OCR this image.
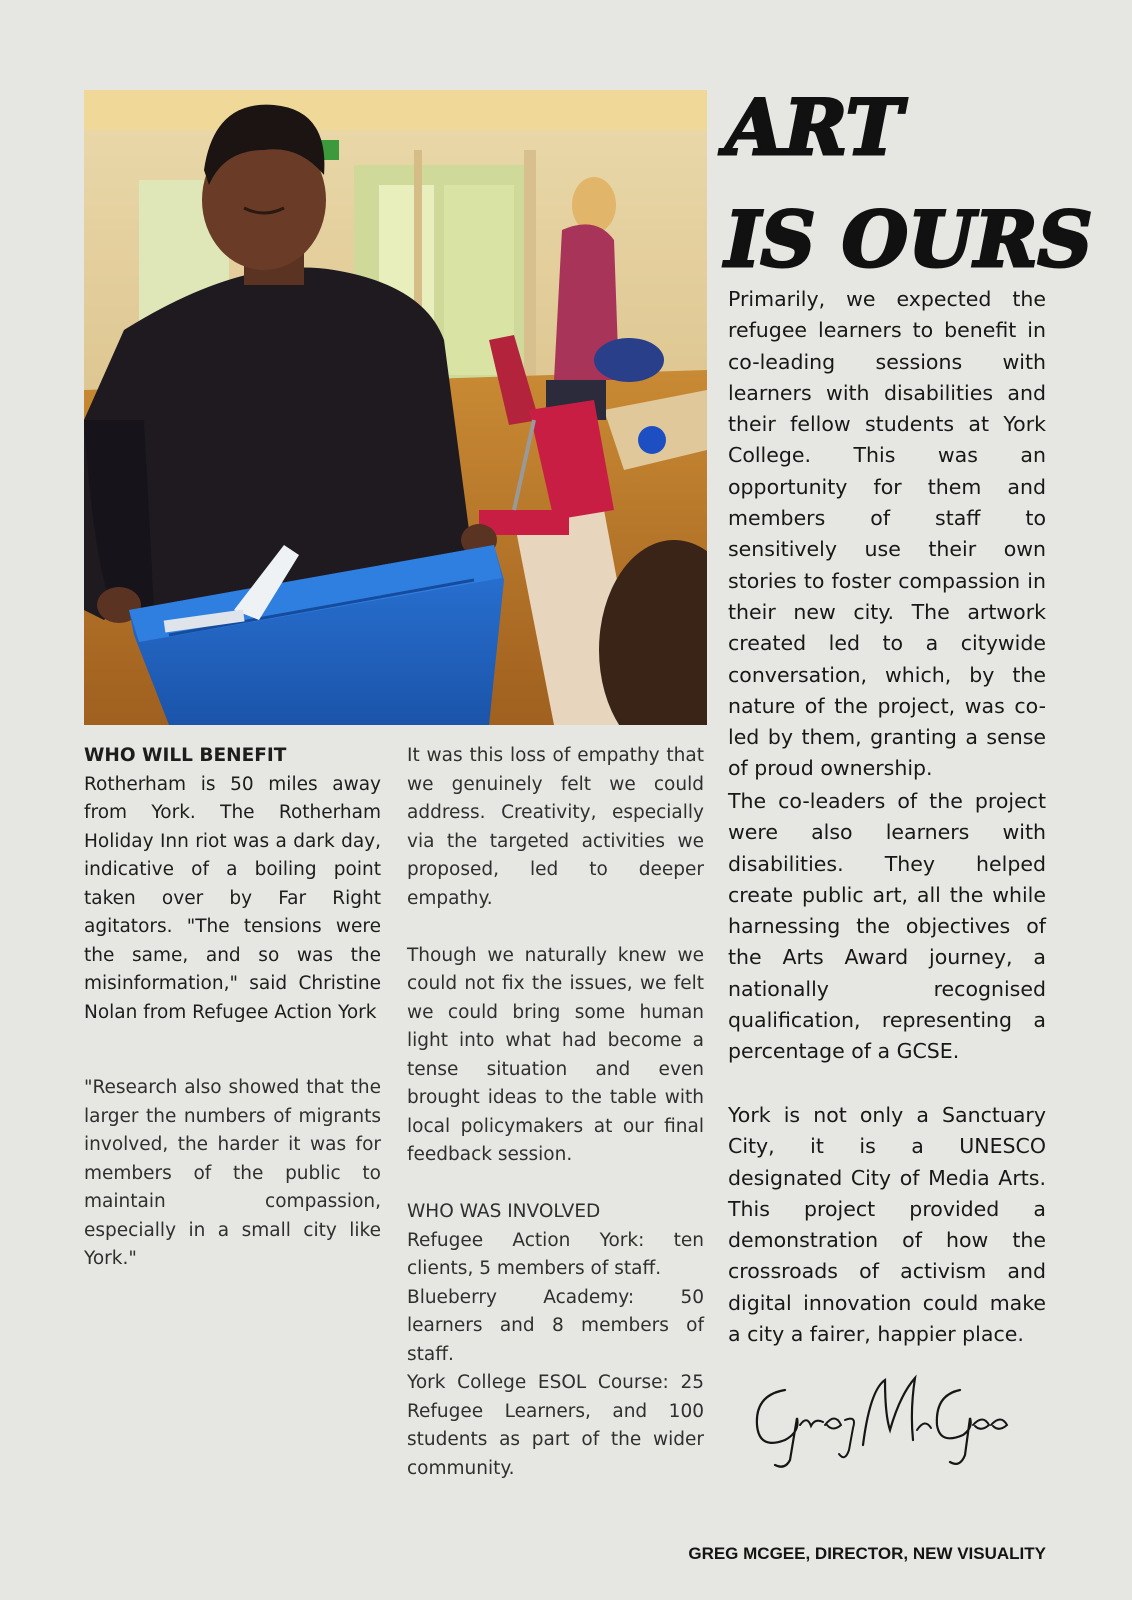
ART
IS OURS

Primarily, we expected the refugee learners to benefit in co-leading sessions with learners with disabilities and their fellow students at York College. This was an opportunity for them and members of staff to sensitively use their own stories to foster compassion in their new city. The artwork created led to a citywide conversation, which, by the nature of the project, was co-led by them, granting a sense of proud ownership.

The co-leaders of the project were also learners with disabilities. They helped create public art, all the while harnessing the objectives of the Arts Award journey, a nationally recognised qualification, representing a percentage of a GCSE.

York is not only a Sanctuary City, it is a UNESCO designated City of Media Arts. This project provided a demonstration of how the crossroads of activism and digital innovation could make a city a fairer, happier place.

WHO WILL BENEFIT

Rotherham is 50 miles away from York. The Rotherham Holiday Inn riot was a dark day, indicative of a boiling point taken over by Far Right agitators. "The tensions were the same, and so was the misinformation," said Christine Nolan from Refugee Action York

"Research also showed that the larger the numbers of migrants involved, the harder it was for members of the public to maintain compassion, especially in a small city like York."

It was this loss of empathy that we genuinely felt we could address. Creativity, especially via the targeted activities we proposed, led to deeper empathy.

Though we naturally knew we could not fix the issues, we felt we could bring some human light into what had become a tense situation and even brought ideas to the table with local policymakers at our final feedback session.

WHO WAS INVOLVED
Refugee Action York: ten clients, 5 members of staff.
Blueberry Academy: 50 learners and 8 members of staff.
York College ESOL Course: 25 Refugee Learners, and 100 students as part of the wider community.
Greg McGee
GREG MCGEE, DIRECTOR, NEW VISUALITY
